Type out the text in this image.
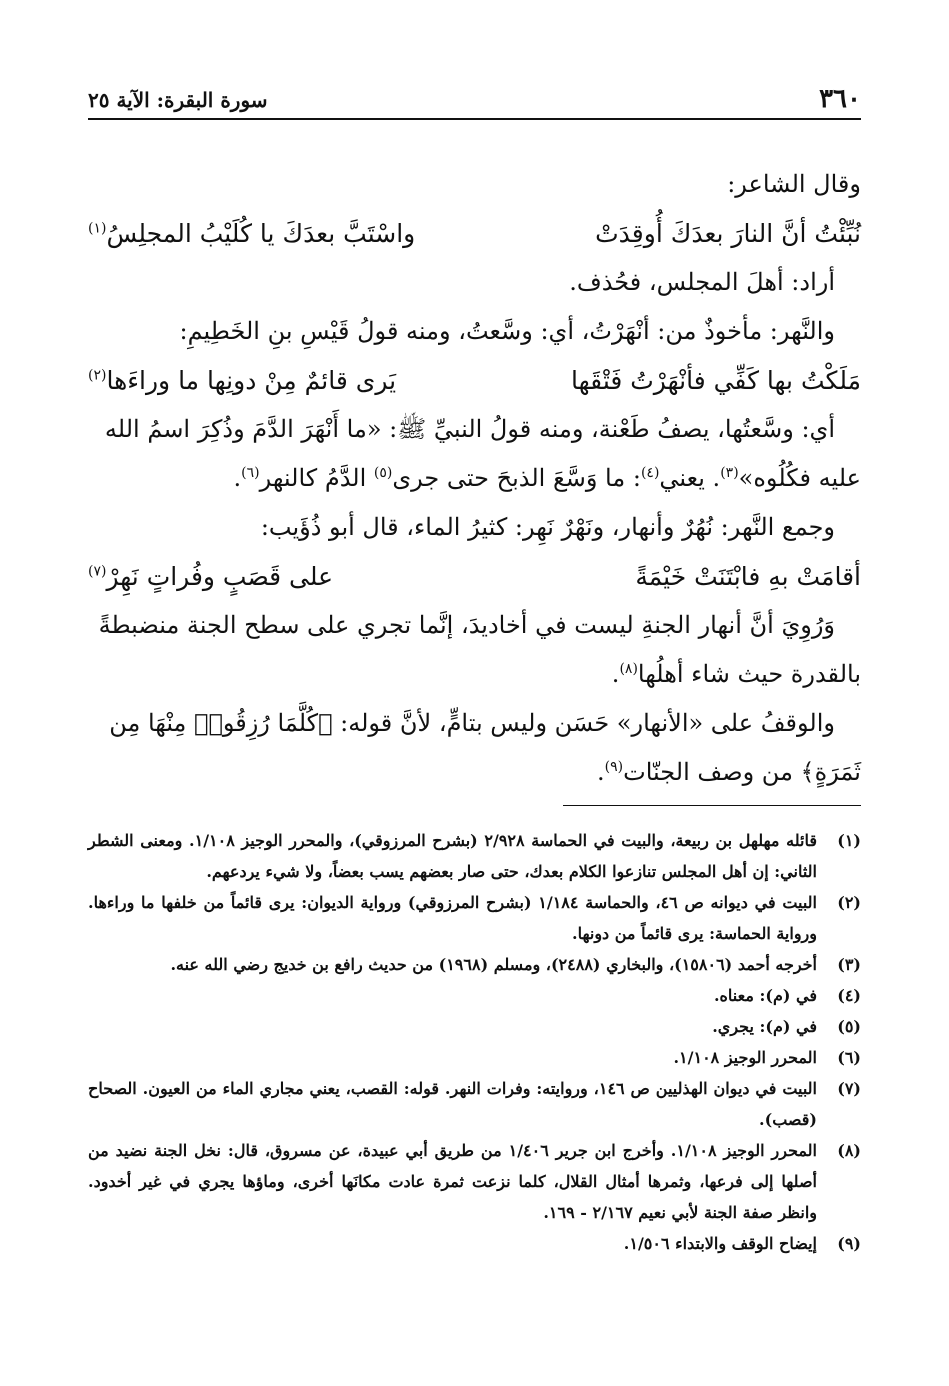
٣٦٠
سورة البقرة: الآية ٢٥

وقال الشاعر:

نُبِّئْتُ أنَّ النارَ بعدَكَ أُوقِدَتْ
واسْتَبَّ بعدَكَ يا كُلَيْبُ المجلِسُ$^{(١)}$

أراد: أهلَ المجلس، فحُذف.

والنَّهر: مأخوذٌ من: أنْهَرْتُ، أي: وسَّعتُ، ومنه قولُ قَيْسِ بنِ الخَطِيمِ:

مَلَكْتُ بها كَفِّي فأنْهَرْتُ فَتْقَها
يَرى قائمٌ مِنْ دونِها ما وراءَها$^{(٢)}$

أي: وسَّعتُها، يصفُ طَعْنة، ومنه قولُ النبيِّ ﷺ: «ما أَنْهَرَ الدَّمَ وذُكِرَ اسمُ الله

عليه فكُلُوه»$^{(٣)}$. يعني$^{(٤)}$: ما وَسَّعَ الذبحَ حتى جرى$^{(٥)}$ الدَّمُ كالنهر$^{(٦)}$.

وجمع النَّهر: نُهُرٌ وأنهار، ونَهْرٌ نَهِر: كثيرُ الماء، قال أبو ذُؤَيب:

أقامَتْ بهِ فابْتَنَتْ خَيْمَةً
على قَصَبٍ وفُراتٍ نَهِرْ$^{(٧)}$

وَرُوِيَ أنَّ أنهار الجنةِ ليست في أخاديدَ، إنَّما تجري على سطح الجنة منضبطةً

بالقدرة حيث شاء أهلُها$^{(٨)}$.

والوقفُ على «الأنهار» حَسَن وليس بتامٍّ، لأنَّ قوله: ﴿كُلَّمَا رُزِقُوا۟ مِنْهَا مِن

ثَمَرَةٍ﴾ من وصف الجنّات$^{(٩)}$.

(١)
قائله مهلهل بن ربيعة، والبيت في الحماسة ٢/٩٢٨ (بشرح المرزوقي)، والمحرر الوجيز ١/١٠٨. ومعنى الشطر الثاني: إن أهل المجلس تنازعوا الكلام بعدك، حتى صار بعضهم يسب بعضاً، ولا شيء يردعهم.
(٢)
البيت في ديوانه ص ٤٦، والحماسة ١/١٨٤ (بشرح المرزوقي) ورواية الديوان: يرى قائماً من خلفها ما وراءها. ورواية الحماسة: يرى قائماً من دونها.
(٣)
أخرجه أحمد (١٥٨٠٦)، والبخاري (٢٤٨٨)، ومسلم (١٩٦٨) من حديث رافع بن خديج رضي الله عنه.
(٤)
في (م): معناه.
(٥)
في (م): يجري.
(٦)
المحرر الوجيز ١/١٠٨.
(٧)
البيت في ديوان الهذليين ص ١٤٦، وروايته: وفرات النهر. قوله: القصب، يعني مجاري الماء من العيون. الصحاح (قصب).
(٨)
المحرر الوجيز ١/١٠٨. وأخرج ابن جرير ١/٤٠٦ من طريق أبي عبيدة، عن مسروق، قال: نخل الجنة نضيد من أصلها إلى فرعها، وثمرها أمثال القلال، كلما نزعت ثمرة عادت مكانَها أخرى، وماؤها يجري في غير أخدود. وانظر صفة الجنة لأبي نعيم ٢/١٦٧ - ١٦٩.
(٩)
إيضاح الوقف والابتداء ١/٥٠٦.
